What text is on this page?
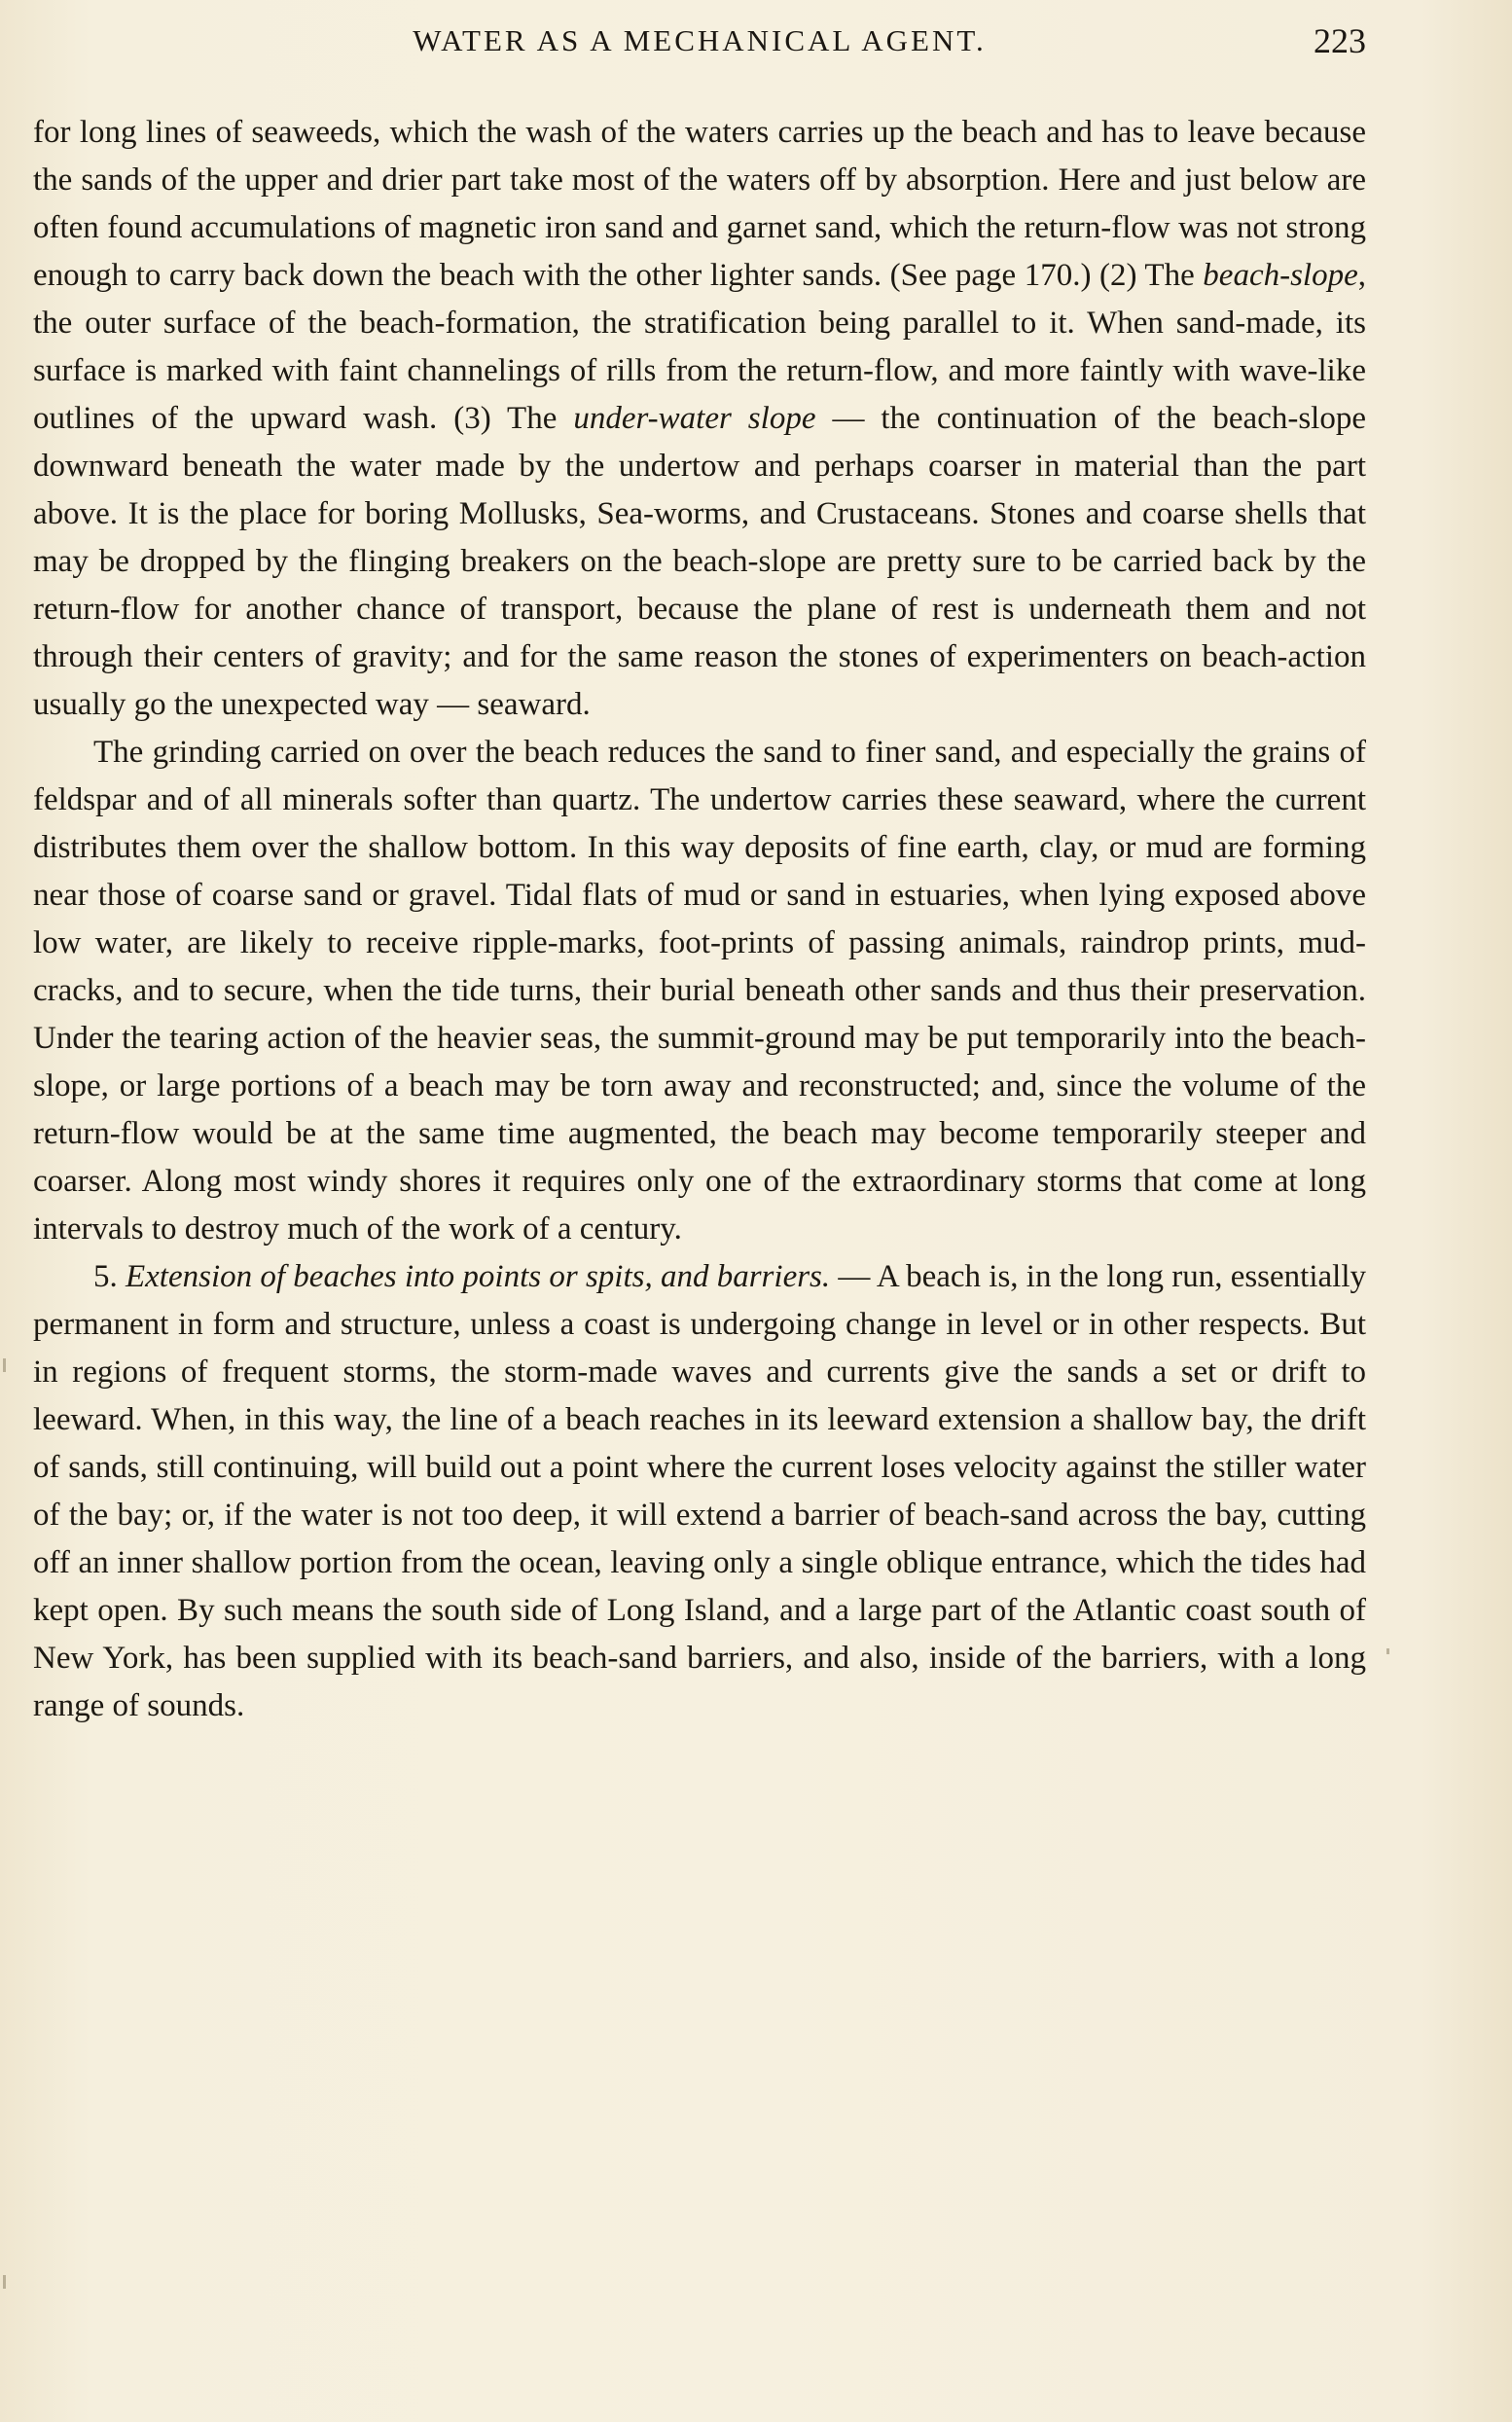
WATER AS A MECHANICAL AGENT.	223

for long lines of seaweeds, which the wash of the waters carries up the beach and has to leave because the sands of the upper and drier part take most of the waters off by absorption. Here and just below are often found accumulations of magnetic iron sand and garnet sand, which the return-flow was not strong enough to carry back down the beach with the other lighter sands. (See page 170.) (2) The beach-slope, the outer surface of the beach-formation, the stratification being parallel to it. When sand-made, its surface is marked with faint channelings of rills from the return-flow, and more faintly with wave-like outlines of the upward wash. (3) The under-water slope — the continuation of the beach-slope downward beneath the water made by the undertow and perhaps coarser in material than the part above. It is the place for boring Mollusks, Sea-worms, and Crustaceans. Stones and coarse shells that may be dropped by the flinging breakers on the beach-slope are pretty sure to be carried back by the return-flow for another chance of transport, because the plane of rest is underneath them and not through their centers of gravity; and for the same reason the stones of experimenters on beach-action usually go the unexpected way — seaward.

The grinding carried on over the beach reduces the sand to finer sand, and especially the grains of feldspar and of all minerals softer than quartz. The undertow carries these seaward, where the current distributes them over the shallow bottom. In this way deposits of fine earth, clay, or mud are forming near those of coarse sand or gravel. Tidal flats of mud or sand in estuaries, when lying exposed above low water, are likely to receive ripple-marks, foot-prints of passing animals, raindrop prints, mud-cracks, and to secure, when the tide turns, their burial beneath other sands and thus their preservation. Under the tearing action of the heavier seas, the summit-ground may be put temporarily into the beach-slope, or large portions of a beach may be torn away and reconstructed; and, since the volume of the return-flow would be at the same time augmented, the beach may become temporarily steeper and coarser. Along most windy shores it requires only one of the extraordinary storms that come at long intervals to destroy much of the work of a century.

5. Extension of beaches into points or spits, and barriers. — A beach is, in the long run, essentially permanent in form and structure, unless a coast is undergoing change in level or in other respects. But in regions of frequent storms, the storm-made waves and currents give the sands a set or drift to leeward. When, in this way, the line of a beach reaches in its leeward extension a shallow bay, the drift of sands, still continuing, will build out a point where the current loses velocity against the stiller water of the bay; or, if the water is not too deep, it will extend a barrier of beach-sand across the bay, cutting off an inner shallow portion from the ocean, leaving only a single oblique entrance, which the tides had kept open. By such means the south side of Long Island, and a large part of the Atlantic coast south of New York, has been supplied with its beach-sand barriers, and also, inside of the barriers, with a long range of sounds.
